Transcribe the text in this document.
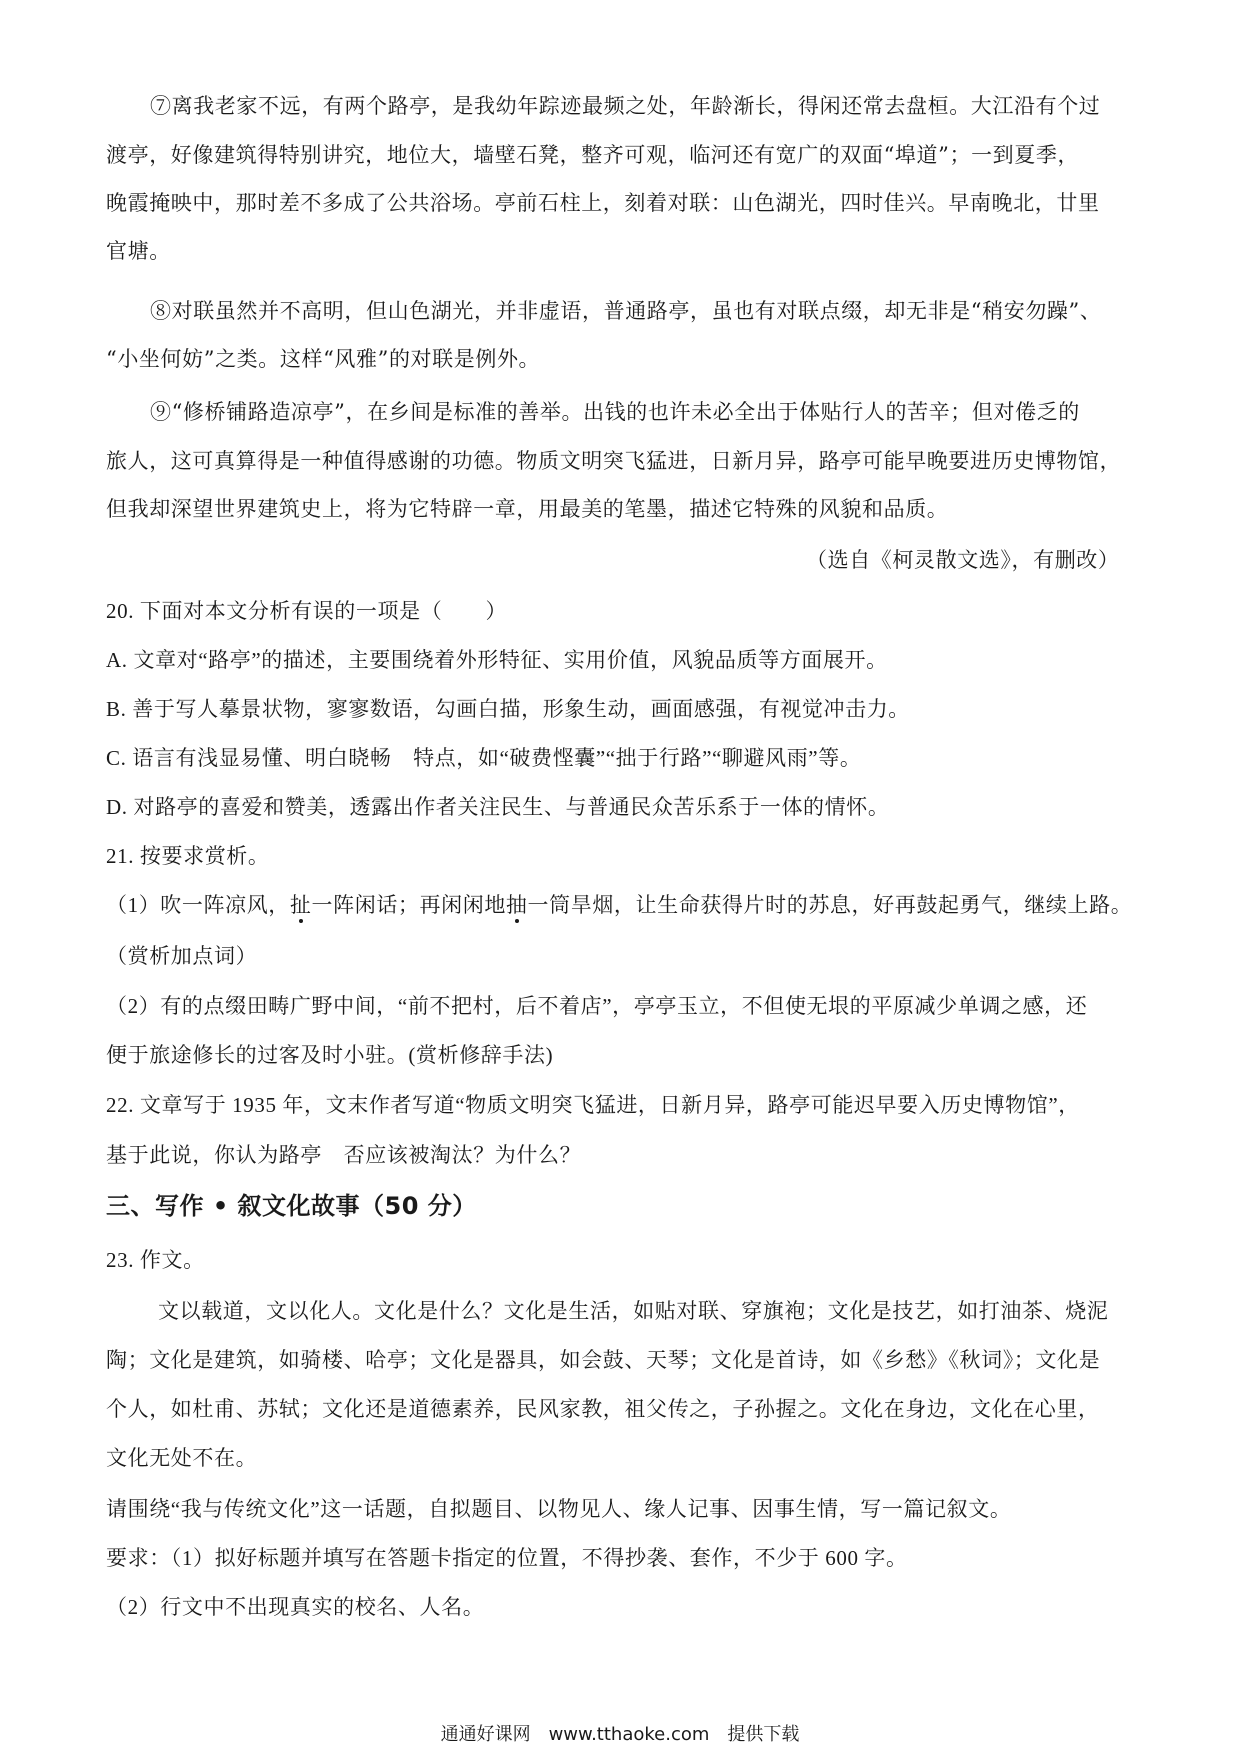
⑦离我老家不远，有两个路亭，是我幼年踪迹最频之处，年龄渐长，得闲还常去盘桓。大江沿有个过
渡亭，好像建筑得特别讲究，地位大，墙壁石凳，整齐可观，临河还有宽广的双面“埠道”；一到夏季，
晚霞掩映中，那时差不多成了公共浴场。亭前石柱上，刻着对联：山色湖光，四时佳兴。早南晚北，廿里
官塘。
⑧对联虽然并不高明，但山色湖光，并非虚语，普通路亭，虽也有对联点缀，却无非是“稍安勿躁”、
“小坐何妨”之类。这样“风雅”的对联是例外。
⑨“修桥铺路造凉亭”，在乡间是标准的善举。出钱的也许未必全出于体贴行人的苦辛；但对倦乏的
旅人，这可真算得是一种值得感谢的功德。物质文明突飞猛进，日新月异，路亭可能早晚要进历史博物馆，
但我却深望世界建筑史上，将为它特辟一章，用最美的笔墨，描述它特殊的风貌和品质。
（选自《柯灵散文选》，有删改）
20. 下面对本文分析有误的一项是（　　）
A. 文章对“路亭”的描述，主要围绕着外形特征、实用价值，风貌品质等方面展开。
B. 善于写人摹景状物，寥寥数语，勾画白描，形象生动，画面感强，有视觉冲击力。
C. 语言有浅显易懂、明白晓畅　特点，如“破费悭囊”“拙于行路”“聊避风雨”等。
D. 对路亭的喜爱和赞美，透露出作者关注民生、与普通民众苦乐系于一体的情怀。
21. 按要求赏析。
（1）吹一阵凉风，扯一阵闲话；再闲闲地抽一筒旱烟，让生命获得片时的苏息，好再鼓起勇气，继续上路。
（赏析加点词）
（2）有的点缀田畴广野中间，“前不把村，后不着店”，亭亭玉立，不但使无垠的平原减少单调之感，还
便于旅途修长的过客及时小驻。(赏析修辞手法)
22. 文章写于 1935 年，文末作者写道“物质文明突飞猛进，日新月异，路亭可能迟早要入历史博物馆”，
基于此说，你认为路亭　否应该被淘汰？为什么？
三、写作 • 叙文化故事（50 分）
23. 作文。
文以载道，文以化人。文化是什么？文化是生活，如贴对联、穿旗袍；文化是技艺，如打油茶、烧泥
陶；文化是建筑，如骑楼、哈亭；文化是器具，如会鼓、天琴；文化是首诗，如《乡愁》《秋词》；文化是
个人，如杜甫、苏轼；文化还是道德素养，民风家教，祖父传之，子孙握之。文化在身边，文化在心里，
文化无处不在。
请围绕“我与传统文化”这一话题，自拟题目、以物见人、缘人记事、因事生情，写一篇记叙文。
要求：（1）拟好标题并填写在答题卡指定的位置，不得抄袭、套作，不少于 600 字。
（2）行文中不出现真实的校名、人名。
通通好课网　www.tthaoke.com　提供下载
